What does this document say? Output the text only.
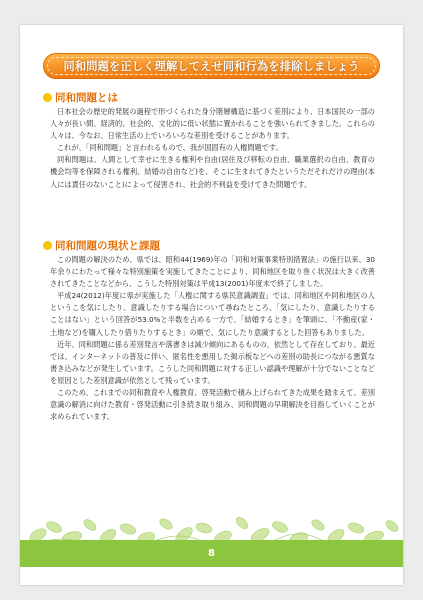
同和問題を正しく理解してえせ同和行為を排除しましょう
同和問題とは

日本社会の歴史的発展の過程で形づくられた身分階層構造に基づく差別により、日本国民の一部の人々が長い間、経済的、社会的、文化的に低い状態に置かれることを強いられてきました。これらの人々は、今なお、日常生活の上でいろいろな差別を受けることがあります。

これが、「同和問題」と言われるもので、我が国固有の人権問題です。

同和問題は、人間として幸せに生きる権利や自由(居住及び移転の自由、職業選択の自由、教育の機会均等を保障される権利、結婚の自由など)を、そこに生まれてきたというただそれだけの理由(本人には責任のないこと)によって侵害され、社会的不利益を受けてきた問題です。

同和問題の現状と課題

この問題の解決のため、県では、昭和44(1969)年の「同和対策事業特別措置法」の施行以来、30年余りにわたって様々な特別施策を実施してきたことにより、同和地区を取り巻く状況は大きく改善されてきたことなどから、こうした特別対策は平成13(2001)年度末で終了しました。

平成24(2012)年度に県が実施した「人権に関する県民意識調査」では、同和地区や同和地区の人というこを気にしたり、意識したりする場合について尋ねたところ、「気にしたり、意識したりすることはない」という回答が53.0%と半数を占める一方で、「結婚するとき」を筆頭に、「不動産(家・土地など)を購入したり借りたりするとき」の順で、気にしたり意識するとした回答もありました。

近年、同和問題に係る差別発言や落書きは減少傾向にあるものの、依然として存在しており、最近では、インターネットの普及に伴い、匿名性を悪用した掲示板などへの差別の助長につながる悪質な書き込みなどが発生しています。こうした同和問題に対する正しい認識や理解が十分でないことなどを原因とした差別意識が依然として残っています。

このため、これまでの同和教育や人権教育、啓発活動で積み上げられてきた成果を踏まえて、差別意識の解消に向けた教育・啓発活動に引き続き取り組み、同和問題の早期解決を目指していくことが求められています。

8
